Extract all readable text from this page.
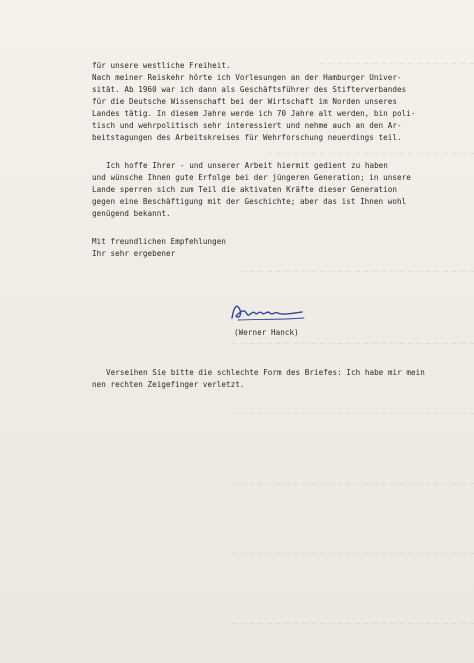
— — — — — — — — — — — — — — — — — —
— — — — — — — — — — — — — — — — — — — — — — — —
— — — — — — — — — — — — — — — — — — — — — — — — — — —
— — — — — — — — — — — — — — — — — — — — — — — — — — — —
— — — — — — — — — — — — — — — — — — — — — — — — — — — —
— — — — — — — — — — — — — — — — — — — — — — — — — — — —
— — — — — — — — — — — — — — — — — — — — — — — — — — — —
— — — — — — — — — — — — — — — — — — — — — — — — — — — —
für unsere westliche Freiheit.
Nach meiner Reiskehr hörte ich Vorlesungen an der Hamburger Univer-
sität. Ab 1960 war ich dann als Geschäftsführer des Stifterverbandes
für die Deutsche Wissenschaft bei der Wirtschaft im Norden unseres
Landes tätig. In diesem Jahre werde ich 70 Jahre alt werden, bin poli-
tisch und wehrpolitisch sehr interessiert und nehme auch an den Ar-
beitstagungen des Arbeitskreises für Wehrforschung neuerdings teil.
Ich hoffe Ihrer - und unserer Arbeit hiermit gedient zu haben
und wünsche Ihnen gute Erfolge bei der jüngeren Generation; in unsere
Lande sperren sich zum Teil die aktivaten Kräfte dieser Generation
gegen eine Beschäftigung mit der Geschichte; aber das ist Ihnen wohl
genügend bekannt.
Mit freundlichen Empfehlungen
Ihr sehr ergebener
(Werner Hanck)
Verseihen Sie bitte die schlechte Form des Briefes: Ich habe mir mein
nen rechten Zeigefinger verletzt.
